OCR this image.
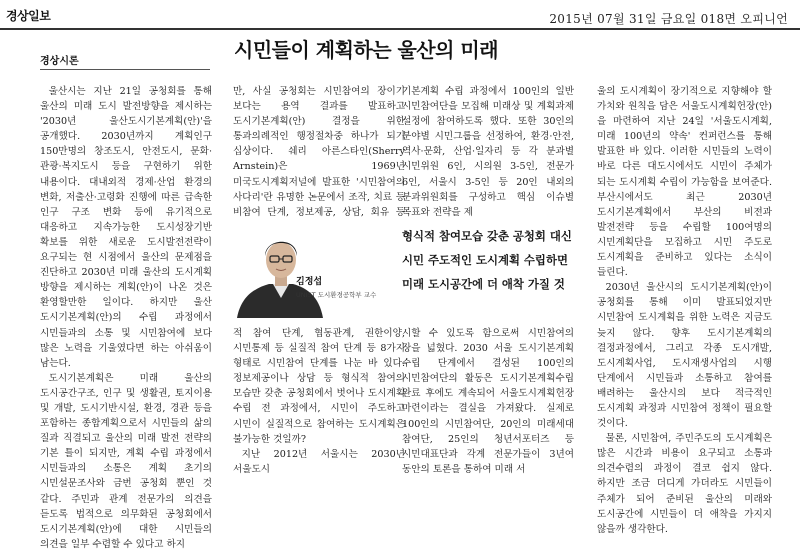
경상일보	2015년 07월 31일 금요일 018면 오피니언
경상시론	시민들이 계획하는 울산의 미래

울산시는 지난 21일 공청회를 통해 울산의 미래 도시 발전방향을 제시하는 '2030년 울산도시기본계획(안)'을 공개했다. 2030년까지 계획인구 150만명의 창조도시, 안전도시, 문화·관광·복지도시 등을 구현하기 위한 내용이다. 대내외적 경제·산업 환경의 변화, 저출산·고령화 진행에 따른 급속한 인구 구조 변화 등에 유기적으로 대응하고 지속가능한 도시성장기반 확보를 위한 새로운 도시발전전략이 요구되는 현 시점에서 울산의 문제점을 진단하고 2030년 미래 울산의 도시계획 방향을 제시하는 계획(안)이 나온 것은 환영할만한 일이다. 하지만 울산 도시기본계획(안)의 수립 과정에서 시민들과의 소통 및 시민참여에 보다 많은 노력을 기울였다면 하는 아쉬움이 남는다.

도시기본계획은 미래 울산의 도시공간구조, 인구 및 생활권, 토지이용 및 개발, 도시기반시설, 환경, 경관 등을 포함하는 종합계획으로서 시민들의 삶의 질과 직결되고 울산의 미래 발전 전략의 기본 틀이 되지만, 계획 수립 과정에서 시민들과의 소통은 계획 초기의 시민설문조사와 금번 공청회 뿐인 것 같다. 주민과 관계 전문가의 의견을 듣도록 법적으로 의무화된 공청회에서 도시기본계획(안)에 대한 시민들의 의견을 일부 수렴할 수 있다고 하지

만, 사실 공청회는 시민참여의 장이기 보다는 용역 결과를 발표하고 도시기본계획(안) 결정을 위한 통과의례적인 행정절차중 하나가 되기 십상이다. 쉐리 아른스타인(Sherry Arnstein)은 1969년 미국도시계획저널에 발표한 '시민참여의 사다리'란 유명한 논문에서 조작, 치료 등 비참여 단계, 정보제공, 상담, 회유 등

김정섭
UNIST 도시환경공학부 교수

기본계획 수립 과정에서 100인의 일반 시민참여단을 모집해 미래상 및 계획과제 설정에 참여하도록 했다. 또한 30인의 분야별 시민그룹을 선정하여, 환경·안전, 역사·문화, 산업·일자리 등 각 분과별 시민위원 6인, 시의원 3-5인, 전문가 6인, 서울시 3-5인 등 20인 내외의 분과위원회를 구성하고 핵심 이슈별 목표와 전략을 제

형식적 참여모습 갖춘 공청회 대신
시민 주도적인 도시계획 수립하면
미래 도시공간에 더 애착 가질 것

적 참여 단계, 협동관계, 권한이양, 시민통제 등 실질적 참여 단계 등 8가지 형태로 시민참여 단계를 나눈 바 있다. 정보제공이나 상담 등 형식적 참여의 모습만 갖춘 공청회에서 벗어나 도시계획 수립 전 과정에서, 시민이 주도하고 시민이 실질적으로 참여하는 도시계획은 불가능한 것일까?

지난 2012년 서울시는 2030년 서울도시

시할 수 있도록 함으로써 시민참여의 장을 넓혔다. 2030 서울 도시기본계획 수립 단계에서 결성된 100인의 시민참여단의 활동은 도시기본계획수립 완료 후에도 계속되어 서울도시계획헌장 마련이라는 결실을 가져왔다. 실제로 100인의 시민참여단, 20인의 미래세대 참여단, 25인의 청년서포터즈 등 시민대표단과 각계 전문가들이 3년여 동안의 토론을 통하여 미래 서

울의 도시계획이 장기적으로 지향해야 할 가치와 원칙을 담은 서울도시계획헌장(안)을 마련하여 지난 24일 '서울도시계획, 미래 100년의 약속' 컨퍼런스를 통해 발표한 바 있다. 이러한 시민들의 노력이 바로 다른 대도시에서도 시민이 주체가 되는 도시계획 수립이 가능함을 보여준다. 부산시에서도 최근 2030년 도시기본계획에서 부산의 비전과 발전전략 등을 수립할 100여명의 시민계획단을 모집하고 시민 주도로 도시계획을 준비하고 있다는 소식이 들린다.

2030년 울산시의 도시기본계획(안)이 공청회를 통해 이미 발표되었지만 시민참여 도시계획을 위한 노력은 지금도 늦지 않다. 향후 도시기본계획의 결정과정에서, 그리고 각종 도시개발, 도시계획사업, 도시재생사업의 시행 단계에서 시민들과 소통하고 참여를 배려하는 울산시의 보다 적극적인 도시계획 과정과 시민참여 정책이 필요할 것이다.

물론, 시민참여, 주민주도의 도시계획은 많은 시간과 비용이 요구되고 소통과 의견수렴의 과정이 결코 쉽지 않다. 하지만 조금 더디게 가더라도 시민들이 주체가 되어 준비된 울산의 미래와 도시공간에 시민들이 더 애착을 가지지 않을까 생각한다.
